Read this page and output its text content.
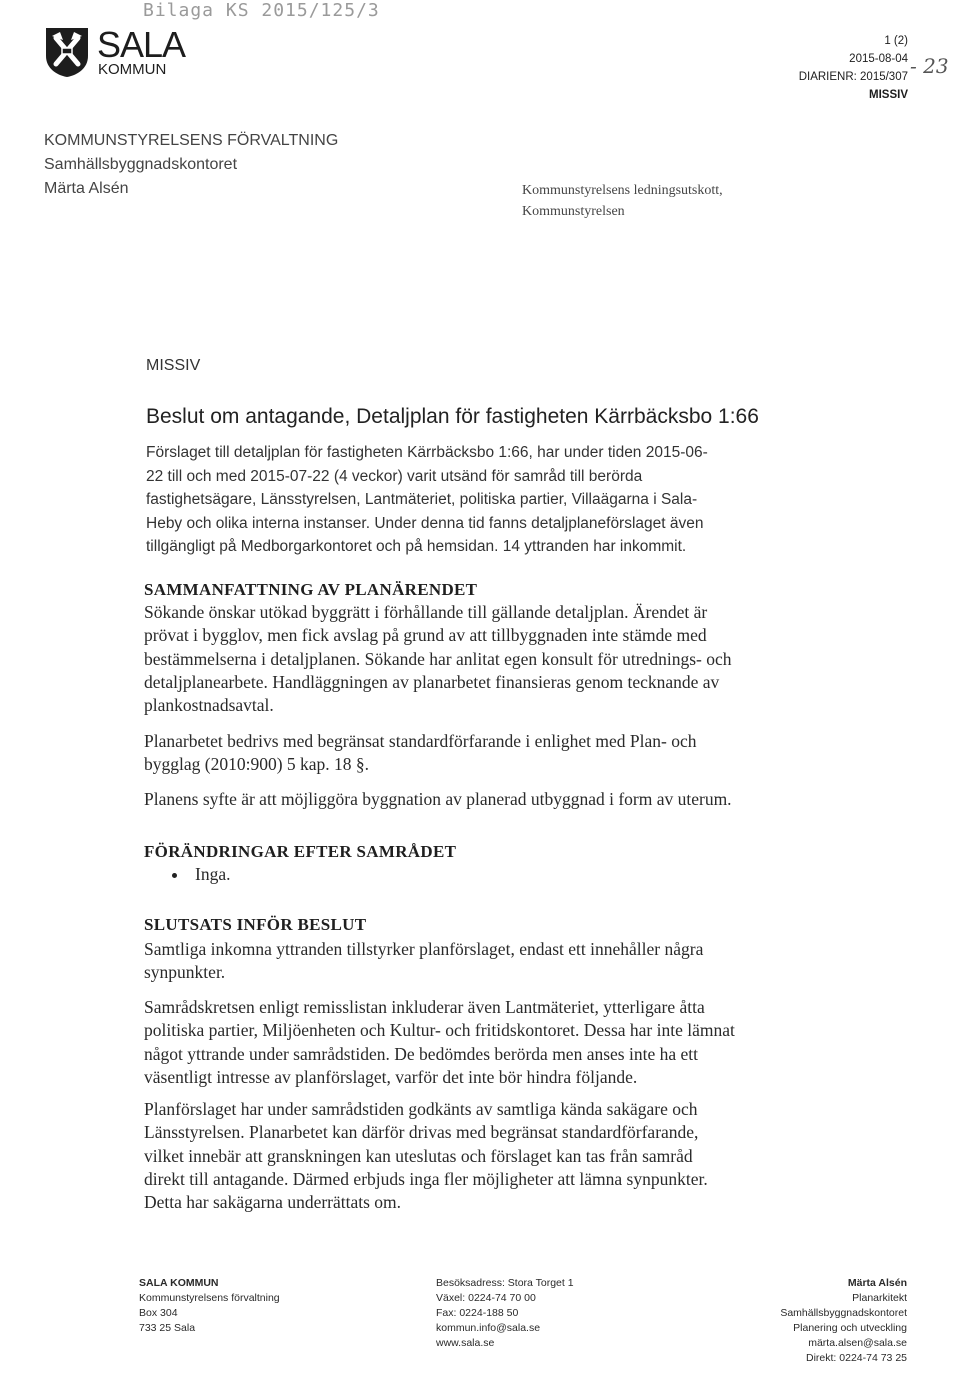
Bilaga KS 2015/125/3
SALA
KOMMUN
1 (2)
2015-08-04
DIARIENR: 2015/307
MISSIV
- 23
KOMMUNSTYRELSENS FÖRVALTNING
Samhällsbyggnadskontoret
Märta Alsén	Kommunstyrelsens ledningsutskott,
Kommunstyrelsen
MISSIV
Beslut om antagande, Detaljplan för fastigheten Kärrbäcksbo 1:66
Förslaget till detaljplan för fastigheten Kärrbäcksbo 1:66, har under tiden 2015-06-
22 till och med 2015-07-22 (4 veckor) varit utsänd för samråd till berörda
fastighetsägare, Länsstyrelsen, Lantmäteriet, politiska partier, Villaägarna i Sala-
Heby och olika interna instanser. Under denna tid fanns detaljplaneförslaget även
tillgängligt på Medborgarkontoret och på hemsidan. 14 yttranden har inkommit.
SAMMANFATTNING AV PLANÄRENDET
Sökande önskar utökad byggrätt i förhållande till gällande detaljplan. Ärendet är
prövat i bygglov, men fick avslag på grund av att tillbyggnaden inte stämde med
bestämmelserna i detaljplanen. Sökande har anlitat egen konsult för utrednings- och
detaljplanearbete. Handläggningen av planarbetet finansieras genom tecknande av
plankostnadsavtal.
Planarbetet bedrivs med begränsat standardförfarande i enlighet med Plan- och
bygglag (2010:900) 5 kap. 18 §.
Planens syfte är att möjliggöra byggnation av planerad utbyggnad i form av uterum.
FÖRÄNDRINGAR EFTER SAMRÅDET
Inga.
SLUTSATS INFÖR BESLUT
Samtliga inkomna yttranden tillstyrker planförslaget, endast ett innehåller några
synpunkter.
Samrådskretsen enligt remisslistan inkluderar även Lantmäteriet, ytterligare åtta
politiska partier, Miljöenheten och Kultur- och fritidskontoret. Dessa har inte lämnat
något yttrande under samrådstiden. De bedömdes berörda men anses inte ha ett
väsentligt intresse av planförslaget, varför det inte bör hindra följande.
Planförslaget har under samrådstiden godkänts av samtliga kända sakägare och
Länsstyrelsen. Planarbetet kan därför drivas med begränsat standardförfarande,
vilket innebär att granskningen kan uteslutas och förslaget kan tas från samråd
direkt till antagande. Därmed erbjuds inga fler möjligheter att lämna synpunkter.
Detta har sakägarna underrättats om.
SALA KOMMUN
Kommunstyrelsens förvaltning
Box 304
733 25 Sala
Besöksadress: Stora Torget 1
Växel: 0224-74 70 00
Fax: 0224-188 50
kommun.info@sala.se
www.sala.se
Märta Alsén
Planarkitekt
Samhällsbyggnadskontoret
Planering och utveckling
märta.alsen@sala.se
Direkt: 0224-74 73 25
